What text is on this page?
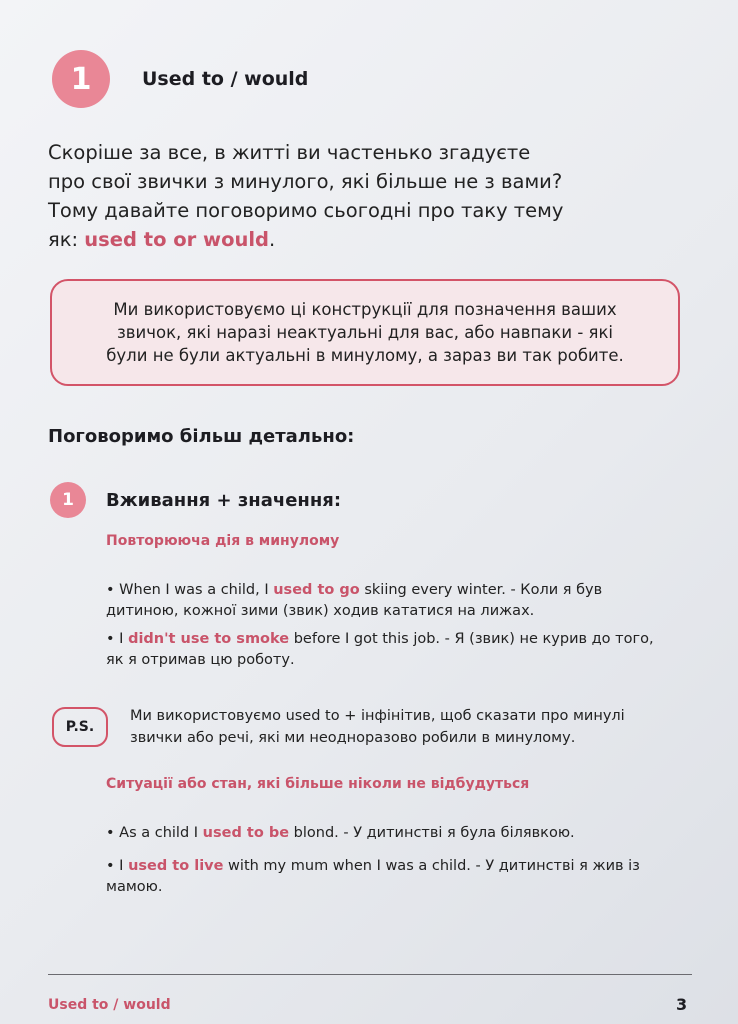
1	Used to / would
Скоріше за все, в житті ви частенько згадуєте
про свої звички з минулого, які більше не з вами?
Тому давайте поговоримо сьогодні про таку тему
як: used to or would.
Ми використовуємо ці конструкції для позначення ваших
звичок, які наразі неактуальні для вас, або навпаки - які
були не були актуальні в минулому, а зараз ви так робите.
Поговоримо більш детально:
1	Вживання + значення:
Повторююча дія в минулому
• When I was a child, I used to go skiing every winter. - Коли я був дитиною, кожної зими (звик) ходив кататися на лижах.
• I didn't use to smoke before I got this job. - Я (звик) не курив до того, як я отримав цю роботу.
P.S.
Ми використовуємо used to + інфінітив, щоб сказати про минулі
звички або речі, які ми неодноразово робили в минулому.
Ситуації або стан, які більше ніколи не відбудуться
• As a child I used to be blond. - У дитинстві я була білявкою.
• I used to live with my mum when I was a child. - У дитинстві я жив із мамою.
Used to / would	3
